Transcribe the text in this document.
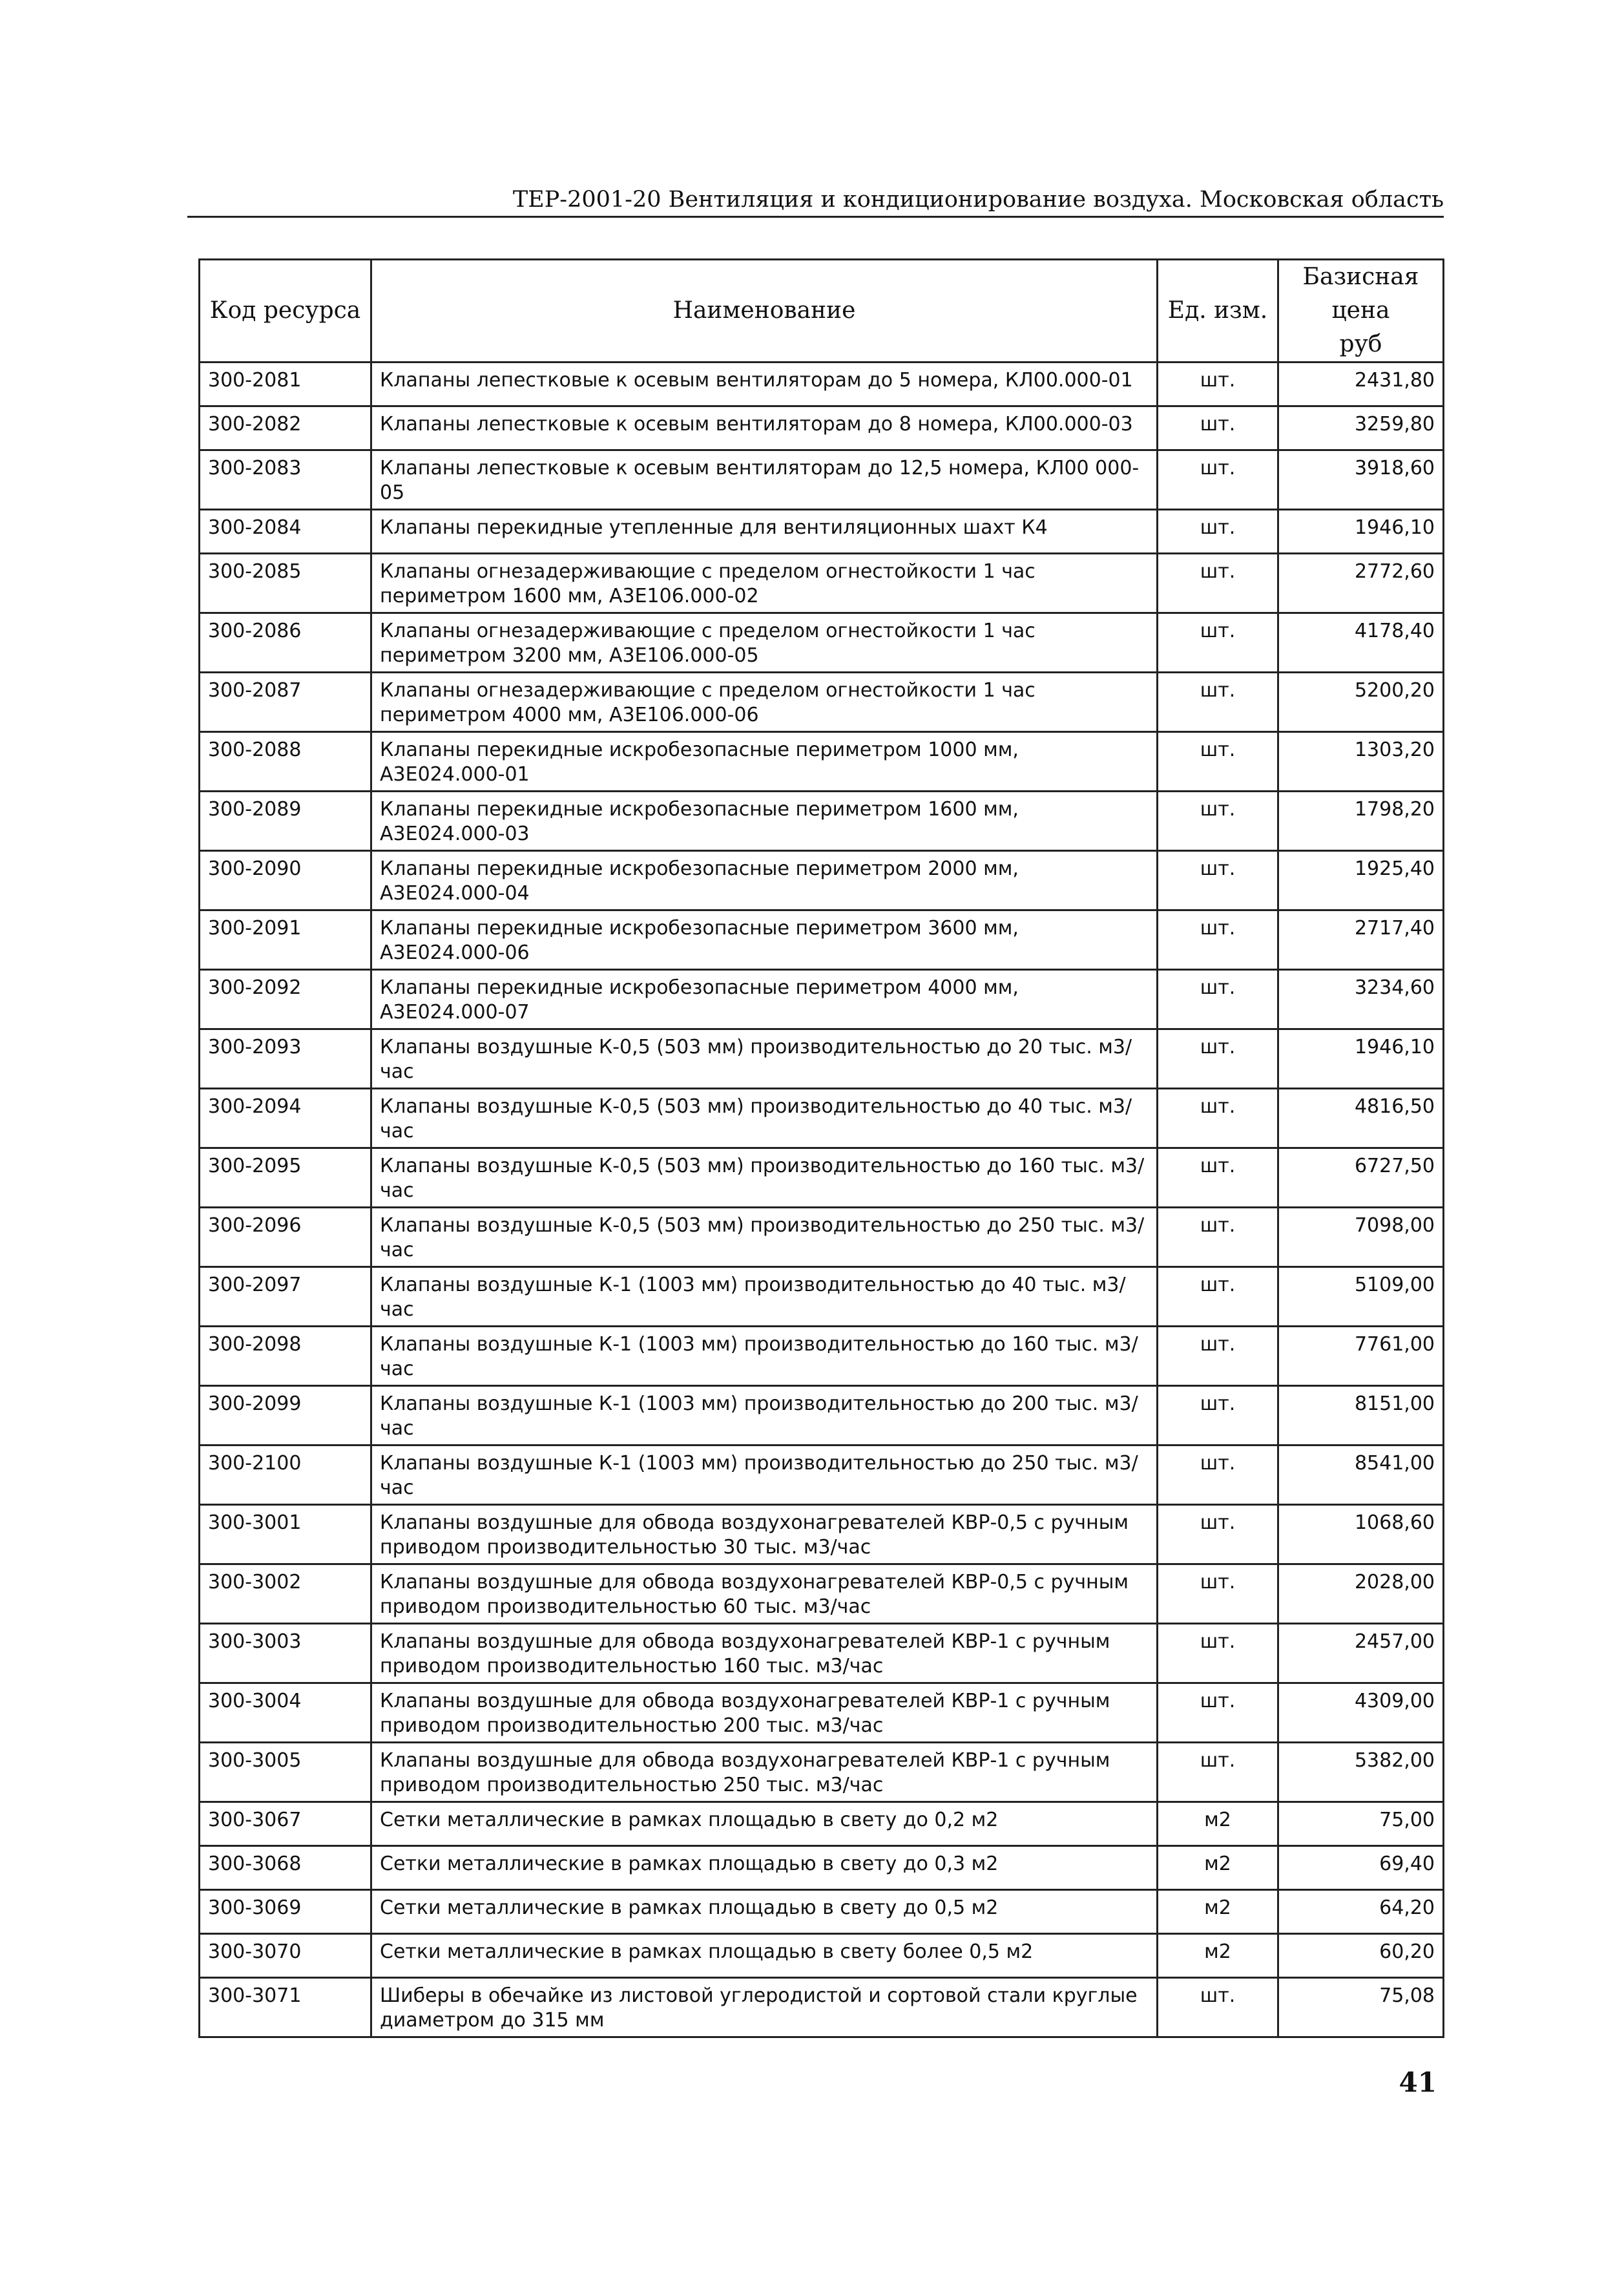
ТЕР-2001-20 Вентиляция и кондиционирование воздуха. Московская область
Код ресурса	Наименование	Ед. изм.	Базисная цена
руб

300-2081	Клапаны лепестковые к осевым вентиляторам до 5 номера, КЛ00.000-01	шт.	2431,80
300-2082	Клапаны лепестковые к осевым вентиляторам до 8 номера, КЛ00.000-03	шт.	3259,80
300-2083	Клапаны лепестковые к осевым вентиляторам до 12,5 номера, КЛ00 000-05	шт.	3918,60
300-2084	Клапаны перекидные утепленные для вентиляционных шахт К4	шт.	1946,10
300-2085	Клапаны огнезадерживающие с пределом огнестойкости 1 час периметром 1600 мм, А3Е106.000-02	шт.	2772,60
300-2086	Клапаны огнезадерживающие с пределом огнестойкости 1 час периметром 3200 мм, А3Е106.000-05	шт.	4178,40
300-2087	Клапаны огнезадерживающие с пределом огнестойкости 1 час периметром 4000 мм, А3Е106.000-06	шт.	5200,20
300-2088	Клапаны перекидные искробезопасные периметром 1000 мм, А3Е024.000-01	шт.	1303,20
300-2089	Клапаны перекидные искробезопасные периметром 1600 мм, А3Е024.000-03	шт.	1798,20
300-2090	Клапаны перекидные искробезопасные периметром 2000 мм, А3Е024.000-04	шт.	1925,40
300-2091	Клапаны перекидные искробезопасные периметром 3600 мм, А3Е024.000-06	шт.	2717,40
300-2092	Клапаны перекидные искробезопасные периметром 4000 мм, А3Е024.000-07	шт.	3234,60
300-2093	Клапаны воздушные К-0,5 (503 мм) производительностью до 20 тыс. м3/час	шт.	1946,10
300-2094	Клапаны воздушные К-0,5 (503 мм) производительностью до 40 тыс. м3/час	шт.	4816,50
300-2095	Клапаны воздушные К-0,5 (503 мм) производительностью до 160 тыс. м3/час	шт.	6727,50
300-2096	Клапаны воздушные К-0,5 (503 мм) производительностью до 250 тыс. м3/час	шт.	7098,00
300-2097	Клапаны воздушные К-1 (1003 мм) производительностью до 40 тыс. м3/час	шт.	5109,00
300-2098	Клапаны воздушные К-1 (1003 мм) производительностью до 160 тыс. м3/час	шт.	7761,00
300-2099	Клапаны воздушные К-1 (1003 мм) производительностью до 200 тыс. м3/час	шт.	8151,00
300-2100	Клапаны воздушные К-1 (1003 мм) производительностью до 250 тыс. м3/час	шт.	8541,00
300-3001	Клапаны воздушные для обвода воздухонагревателей КВР-0,5 с ручным приводом производительностью 30 тыс. м3/час	шт.	1068,60
300-3002	Клапаны воздушные для обвода воздухонагревателей КВР-0,5 с ручным приводом производительностью 60 тыс. м3/час	шт.	2028,00
300-3003	Клапаны воздушные для обвода воздухонагревателей КВР-1 с ручным приводом производительностью 160 тыс. м3/час	шт.	2457,00
300-3004	Клапаны воздушные для обвода воздухонагревателей КВР-1 с ручным приводом производительностью 200 тыс. м3/час	шт.	4309,00
300-3005	Клапаны воздушные для обвода воздухонагревателей КВР-1 с ручным приводом производительностью 250 тыс. м3/час	шт.	5382,00
300-3067	Сетки металлические в рамках площадью в свету до 0,2 м2	м2	75,00
300-3068	Сетки металлические в рамках площадью в свету до 0,3 м2	м2	69,40
300-3069	Сетки металлические в рамках площадью в свету до 0,5 м2	м2	64,20
300-3070	Сетки металлические в рамках площадью в свету более 0,5 м2	м2	60,20
300-3071	Шиберы в обечайке из листовой углеродистой и сортовой стали круглые диаметром до 315 мм	шт.	75,08
41
